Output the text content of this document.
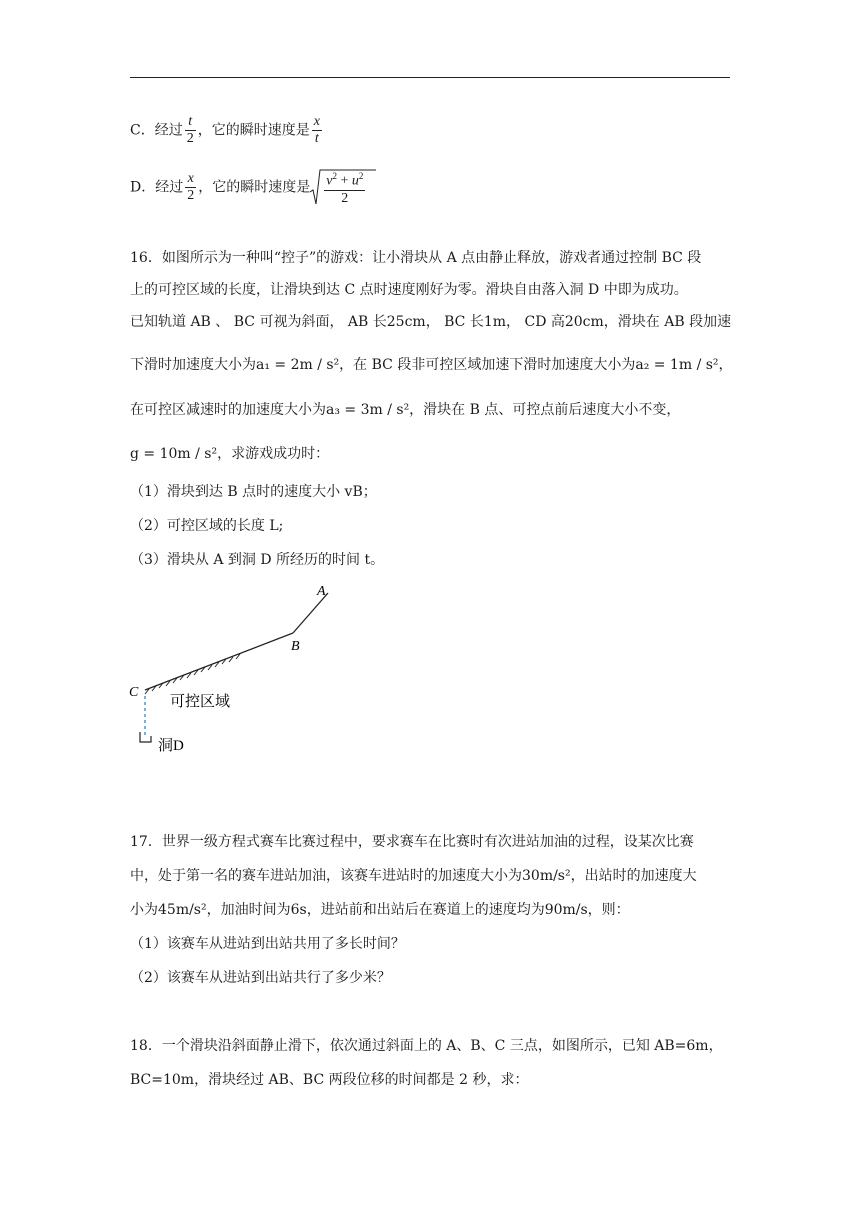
C．经过 $\frac{t}{2}$ ，它的瞬时速度是 $\frac{x}{t}$
D．经过 $\frac{x}{2}$ ，它的瞬时速度是 $\frac{v^2 + u^2}{2}$
16．如图所示为一种叫“控子”的游戏：让小滑块从 A 点由静止释放，游戏者通过控制 BC 段
上的可控区域的长度，让滑块到达 C 点时速度刚好为零。滑块自由落入洞 D 中即为成功。
已知轨道 AB 、 BC 可视为斜面， AB 长25cm， BC 长1m， CD 高20cm，滑块在 AB 段加速
下滑时加速度大小为a₁ = 2m / s²，在 BC 段非可控区域加速下滑时加速度大小为a₂ = 1m / s²，
在可控区减速时的加速度大小为a₃ = 3m / s²，滑块在 B 点、可控点前后速度大小不变，
g = 10m / s²，求游戏成功时：
（1）滑块到达 B 点时的速度大小 vB；
（2）可控区域的长度 L;
（3）滑块从 A 到洞 D 所经历的时间 t。
A
B
C
可控区域
洞D
17．世界一级方程式赛车比赛过程中，要求赛车在比赛时有次进站加油的过程，设某次比赛
中，处于第一名的赛车进站加油，该赛车进站时的加速度大小为30m/s²，出站时的加速度大
小为45m/s²，加油时间为6s，进站前和出站后在赛道上的速度均为90m/s，则：
（1）该赛车从进站到出站共用了多长时间？
（2）该赛车从进站到出站共行了多少米？
18．一个滑块沿斜面静止滑下，依次通过斜面上的 A、B、C 三点，如图所示，已知 AB=6m，
BC=10m，滑块经过 AB、BC 两段位移的时间都是 2 秒，求：
